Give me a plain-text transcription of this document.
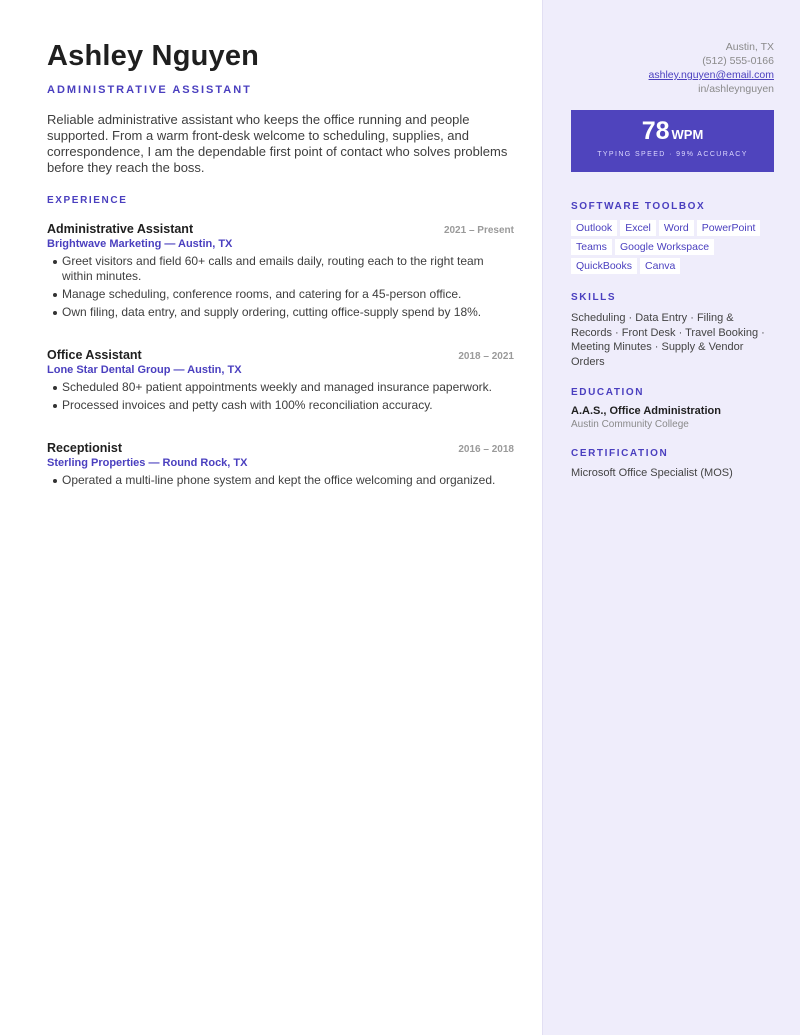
Ashley Nguyen
ADMINISTRATIVE ASSISTANT

Reliable administrative assistant who keeps the office running and people supported. From a warm front-desk welcome to scheduling, supplies, and correspondence, I am the dependable first point of contact who solves problems before they reach the boss.

EXPERIENCE
Administrative Assistant	2021 – Present
Brightwave Marketing — Austin, TX
Greet visitors and field 60+ calls and emails daily, routing each to the right team within minutes.
Manage scheduling, conference rooms, and catering for a 45-person office.
Own filing, data entry, and supply ordering, cutting office-supply spend by 18%.
Office Assistant	2018 – 2021
Lone Star Dental Group — Austin, TX
Scheduled 80+ patient appointments weekly and managed insurance paperwork.
Processed invoices and petty cash with 100% reconciliation accuracy.
Receptionist	2016 – 2018
Sterling Properties — Round Rock, TX
Operated a multi-line phone system and kept the office welcoming and organized.
Austin, TX
(512) 555-0166
ashley.nguyen@email.com
in/ashleynguyen
78 WPM
TYPING SPEED · 99% ACCURACY
SOFTWARE TOOLBOX
Outlook	Excel	Word	PowerPoint
Teams	Google Workspace
QuickBooks	Canva
SKILLS
Scheduling · Data Entry · Filing & Records · Front Desk · Travel Booking · Meeting Minutes · Supply & Vendor Orders
EDUCATION
A.A.S., Office Administration
Austin Community College
CERTIFICATION
Microsoft Office Specialist (MOS)
